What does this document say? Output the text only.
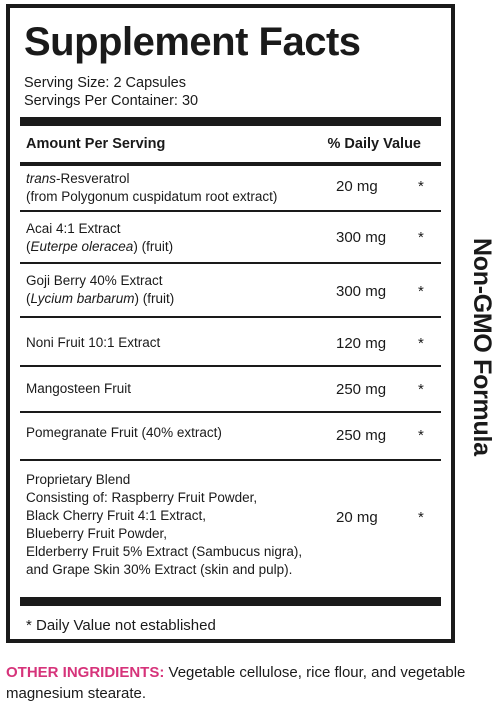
Supplement Facts
Serving Size: 2 Capsules
Servings Per Container: 30
Amount Per Serving	% Daily Value
trans-Resveratrol
(from Polygonum cuspidatum root extract)
20 mg	*
Acai 4:1 Extract
(Euterpe oleracea) (fruit)
300 mg *
Goji Berry 40% Extract
(Lycium barbarum) (fruit)	300 mg *
Noni Fruit 10:1 Extract	120 mg *
Mangosteen Fruit	250 mg *
Pomegranate Fruit (40% extract)	250 mg *
Proprietary Blend
Consisting of: Raspberry Fruit Powder,
Black Cherry Fruit 4:1 Extract,
Blueberry Fruit Powder,
Elderberry Fruit 5% Extract (Sambucus nigra),
and Grape Skin 30% Extract (skin and pulp).
20 mg	*
* Daily Value not established
Non-GMO Formula
OTHER INGRIDIENTS: Vegetable cellulose, rice flour, and vegetable magnesium stearate.
